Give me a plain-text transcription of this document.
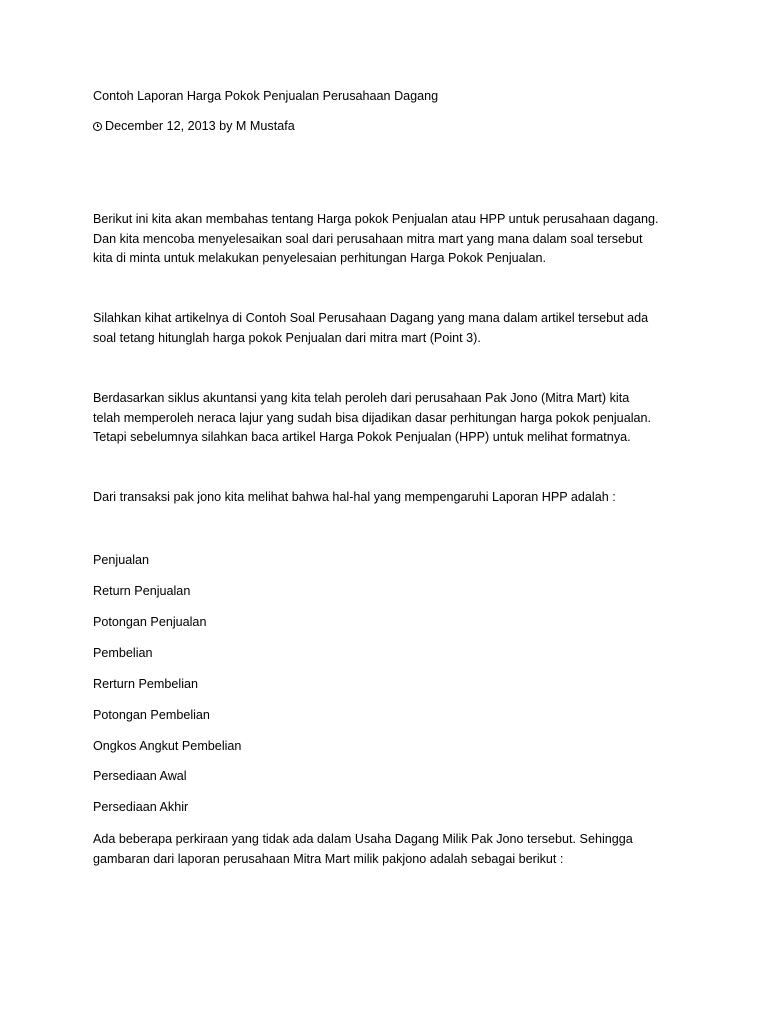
Contoh Laporan Harga Pokok Penjualan Perusahaan Dagang

December 12, 2013 by M Mustafa

Berikut ini kita akan membahas tentang Harga pokok Penjualan atau HPP untuk perusahaan dagang.
Dan kita mencoba menyelesaikan soal dari perusahaan mitra mart yang mana dalam soal tersebut
kita di minta untuk melakukan penyelesaian perhitungan Harga Pokok Penjualan.

Silahkan kihat artikelnya di Contoh Soal Perusahaan Dagang yang mana dalam artikel tersebut ada
soal tetang hitunglah harga pokok Penjualan dari mitra mart (Point 3).

Berdasarkan siklus akuntansi yang kita telah peroleh dari perusahaan Pak Jono (Mitra Mart) kita
telah memperoleh neraca lajur yang sudah bisa dijadikan dasar perhitungan harga pokok penjualan.
Tetapi sebelumnya silahkan baca artikel Harga Pokok Penjualan (HPP) untuk melihat formatnya.

Dari transaksi pak jono kita melihat bahwa hal-hal yang mempengaruhi Laporan HPP adalah :

Penjualan

Return Penjualan

Potongan Penjualan

Pembelian

Rerturn Pembelian

Potongan Pembelian

Ongkos Angkut Pembelian

Persediaan Awal

Persediaan Akhir

Ada beberapa perkiraan yang tidak ada dalam Usaha Dagang Milik Pak Jono tersebut. Sehingga
gambaran dari laporan perusahaan Mitra Mart milik pakjono adalah sebagai berikut :
